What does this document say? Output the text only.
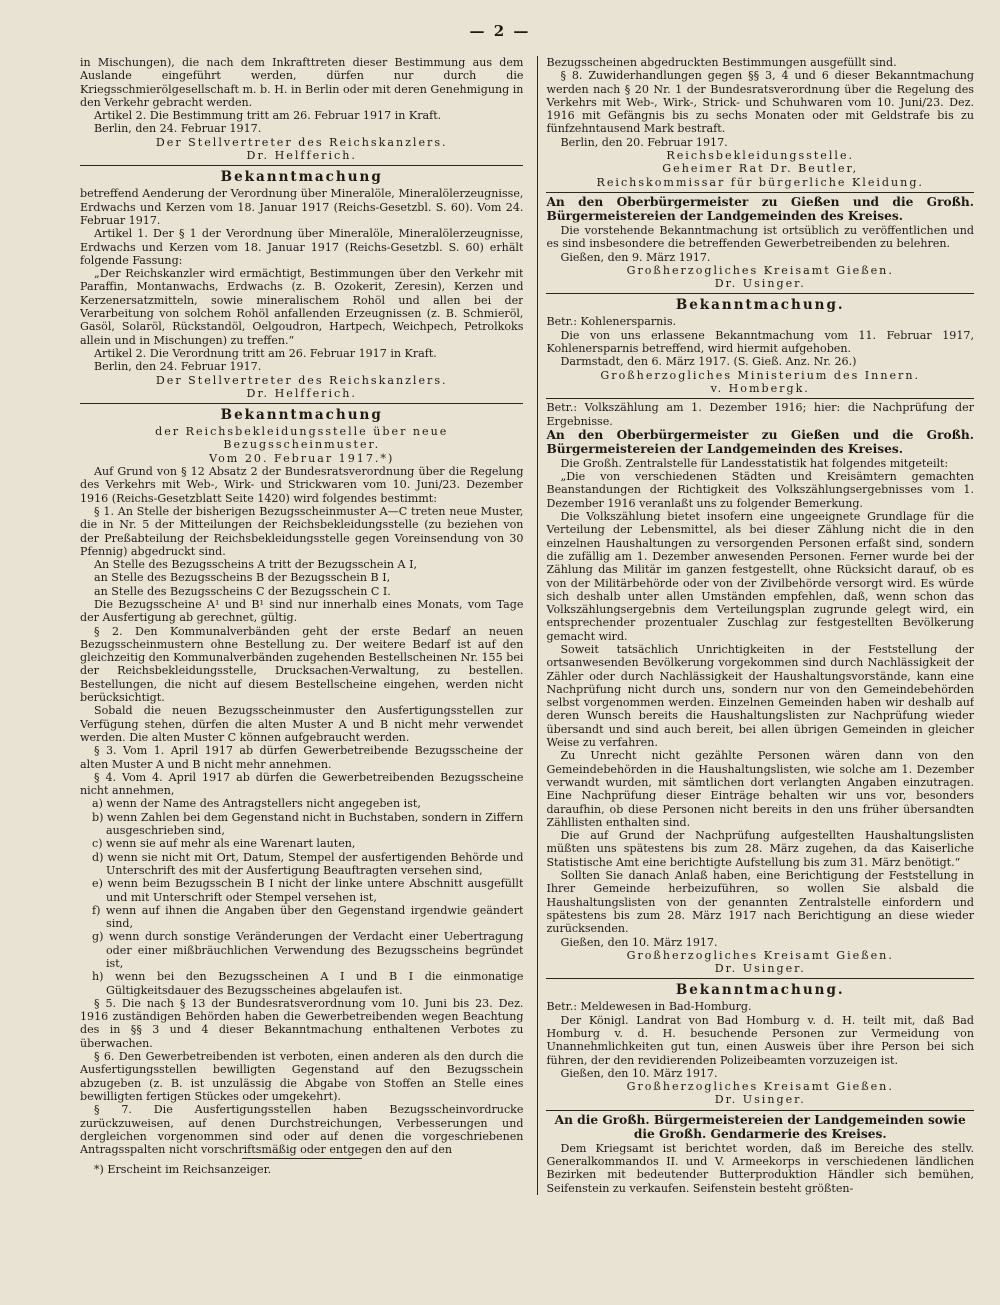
— 2 —

in Mischungen), die nach dem Inkrafttreten dieser Bestimmung aus dem Auslande eingeführt werden, dürfen nur durch die Kriegsschmierölgesellschaft m. b. H. in Berlin oder mit deren Genehmigung in den Verkehr gebracht werden.

Artikel 2. Die Bestimmung tritt am 26. Februar 1917 in Kraft.

Berlin, den 24. Februar 1917.

Der Stellvertreter des Reichskanzlers.

Dr. Helfferich.

Bekanntmachung

betreffend Aenderung der Verordnung über Mineralöle, Mineralölerzeugnisse, Erdwachs und Kerzen vom 18. Januar 1917 (Reichs-Gesetzbl. S. 60). Vom 24. Februar 1917.

Artikel 1. Der § 1 der Verordnung über Mineralöle, Mineralölerzeugnisse, Erdwachs und Kerzen vom 18. Januar 1917 (Reichs-Gesetzbl. S. 60) erhält folgende Fassung:

„Der Reichskanzler wird ermächtigt, Bestimmungen über den Verkehr mit Paraffin, Montanwachs, Erdwachs (z. B. Ozokerit, Zeresin), Kerzen und Kerzenersatzmitteln, sowie mineralischem Rohöl und allen bei der Verarbeitung von solchem Rohöl anfallenden Erzeugnissen (z. B. Schmieröl, Gasöl, Solaröl, Rückstandöl, Oelgoudron, Hartpech, Weichpech, Petrolkoks allein und in Mischungen) zu treffen.“

Artikel 2. Die Verordnung tritt am 26. Februar 1917 in Kraft.

Berlin, den 24. Februar 1917.

Der Stellvertreter des Reichskanzlers.

Dr. Helfferich.

Bekanntmachung

der Reichsbekleidungsstelle über neue Bezugsscheinmuster.

Vom 20. Februar 1917.*)

Auf Grund von § 12 Absatz 2 der Bundesratsverordnung über die Regelung des Verkehrs mit Web-, Wirk- und Strickwaren vom 10. Juni/23. Dezember 1916 (Reichs-Gesetzblatt Seite 1420) wird folgendes bestimmt:

§ 1. An Stelle der bisherigen Bezugsscheinmuster A—C treten neue Muster, die in Nr. 5 der Mitteilungen der Reichsbekleidungsstelle (zu beziehen von der Preßabteilung der Reichsbekleidungsstelle gegen Voreinsendung von 30 Pfennig) abgedruckt sind.

An Stelle des Bezugsscheins A tritt der Bezugsschein A I,

an Stelle des Bezugsscheins B der Bezugsschein B I,

an Stelle des Bezugsscheins C der Bezugsschein C I.

Die Bezugsscheine A¹ und B¹ sind nur innerhalb eines Monats, vom Tage der Ausfertigung ab gerechnet, gültig.

§ 2. Den Kommunalverbänden geht der erste Bedarf an neuen Bezugsscheinmustern ohne Bestellung zu. Der weitere Bedarf ist auf den gleichzeitig den Kommunalverbänden zugehenden Bestellscheinen Nr. 155 bei der Reichsbekleidungsstelle, Drucksachen-Verwaltung, zu bestellen. Bestellungen, die nicht auf diesem Bestellscheine eingehen, werden nicht berücksichtigt.

Sobald die neuen Bezugsscheinmuster den Ausfertigungsstellen zur Verfügung stehen, dürfen die alten Muster A und B nicht mehr verwendet werden. Die alten Muster C können aufgebraucht werden.

§ 3. Vom 1. April 1917 ab dürfen Gewerbetreibende Bezugsscheine der alten Muster A und B nicht mehr annehmen.

§ 4. Vom 4. April 1917 ab dürfen die Gewerbetreibenden Bezugsscheine nicht annehmen,

a) wenn der Name des Antragstellers nicht angegeben ist,

b) wenn Zahlen bei dem Gegenstand nicht in Buchstaben, sondern in Ziffern ausgeschrieben sind,

c) wenn sie auf mehr als eine Warenart lauten,

d) wenn sie nicht mit Ort, Datum, Stempel der ausfertigenden Behörde und Unterschrift des mit der Ausfertigung Beauftragten versehen sind,

e) wenn beim Bezugsschein B I nicht der linke untere Abschnitt ausgefüllt und mit Unterschrift oder Stempel versehen ist,

f) wenn auf ihnen die Angaben über den Gegenstand irgendwie geändert sind,

g) wenn durch sonstige Veränderungen der Verdacht einer Uebertragung oder einer mißbräuchlichen Verwendung des Bezugsscheins begründet ist,

h) wenn bei den Bezugsscheinen A I und B I die einmonatige Gültigkeitsdauer des Bezugsscheines abgelaufen ist.

§ 5. Die nach § 13 der Bundesratsverordnung vom 10. Juni bis 23. Dez. 1916 zuständigen Behörden haben die Gewerbetreibenden wegen Beachtung des in §§ 3 und 4 dieser Bekanntmachung enthaltenen Verbotes zu überwachen.

§ 6. Den Gewerbetreibenden ist verboten, einen anderen als den durch die Ausfertigungsstellen bewilligten Gegenstand auf den Bezugsschein abzugeben (z. B. ist unzulässig die Abgabe von Stoffen an Stelle eines bewilligten fertigen Stückes oder umgekehrt).

§ 7. Die Ausfertigungsstellen haben Bezugsscheinvordrucke zurückzuweisen, auf denen Durchstreichungen, Verbesserungen und dergleichen vorgenommen sind oder auf denen die vorgeschriebenen Antragsspalten nicht vorschriftsmäßig oder entgegen den auf den

*) Erscheint im Reichsanzeiger.

Bezugsscheinen abgedruckten Bestimmungen ausgefüllt sind.

§ 8. Zuwiderhandlungen gegen §§ 3, 4 und 6 dieser Bekanntmachung werden nach § 20 Nr. 1 der Bundesratsverordnung über die Regelung des Verkehrs mit Web-, Wirk-, Strick- und Schuhwaren vom 10. Juni/23. Dez. 1916 mit Gefängnis bis zu sechs Monaten oder mit Geldstrafe bis zu fünfzehntausend Mark bestraft.

Berlin, den 20. Februar 1917.

Reichsbekleidungsstelle.

Geheimer Rat Dr. Beutler,

Reichskommissar für bürgerliche Kleidung.

An den Oberbürgermeister zu Gießen und die Großh. Bürgermeistereien der Landgemeinden des Kreises.

Die vorstehende Bekanntmachung ist ortsüblich zu veröffentlichen und es sind insbesondere die betreffenden Gewerbetreibenden zu belehren.

Gießen, den 9. März 1917.

Großherzogliches Kreisamt Gießen.

Dr. Usinger.

Bekanntmachung.

Betr.: Kohlenersparnis.

Die von uns erlassene Bekanntmachung vom 11. Februar 1917, Kohlenersparnis betreffend, wird hiermit aufgehoben.

Darmstadt, den 6. März 1917. (S. Gieß. Anz. Nr. 26.)

Großherzogliches Ministerium des Innern.

v. Hombergk.

Betr.: Volkszählung am 1. Dezember 1916; hier: die Nachprüfung der Ergebnisse.

An den Oberbürgermeister zu Gießen und die Großh. Bürgermeistereien der Landgemeinden des Kreises.

Die Großh. Zentralstelle für Landesstatistik hat folgendes mitgeteilt:

„Die von verschiedenen Städten und Kreisämtern gemachten Beanstandungen der Richtigkeit des Volkszählungsergebnisses vom 1. Dezember 1916 veranlaßt uns zu folgender Bemerkung.

Die Volkszählung bietet insofern eine ungeeignete Grundlage für die Verteilung der Lebensmittel, als bei dieser Zählung nicht die in den einzelnen Haushaltungen zu versorgenden Personen erfaßt sind, sondern die zufällig am 1. Dezember anwesenden Personen. Ferner wurde bei der Zählung das Militär im ganzen festgestellt, ohne Rücksicht darauf, ob es von der Militärbehörde oder von der Zivilbehörde versorgt wird. Es würde sich deshalb unter allen Umständen empfehlen, daß, wenn schon das Volkszählungsergebnis dem Verteilungsplan zugrunde gelegt wird, ein entsprechender prozentualer Zuschlag zur festgestellten Bevölkerung gemacht wird.

Soweit tatsächlich Unrichtigkeiten in der Feststellung der ortsanwesenden Bevölkerung vorgekommen sind durch Nachlässigkeit der Zähler oder durch Nachlässigkeit der Haushaltungsvorstände, kann eine Nachprüfung nicht durch uns, sondern nur von den Gemeindebehörden selbst vorgenommen werden. Einzelnen Gemeinden haben wir deshalb auf deren Wunsch bereits die Haushaltungslisten zur Nachprüfung wieder übersandt und sind auch bereit, bei allen übrigen Gemeinden in gleicher Weise zu verfahren.

Zu Unrecht nicht gezählte Personen wären dann von den Gemeindebehörden in die Haushaltungslisten, wie solche am 1. Dezember verwandt wurden, mit sämtlichen dort verlangten Angaben einzutragen. Eine Nachprüfung dieser Einträge behalten wir uns vor, besonders daraufhin, ob diese Personen nicht bereits in den uns früher übersandten Zähllisten enthalten sind.

Die auf Grund der Nachprüfung aufgestellten Haushaltungslisten müßten uns spätestens bis zum 28. März zugehen, da das Kaiserliche Statistische Amt eine berichtigte Aufstellung bis zum 31. März benötigt.“

Sollten Sie danach Anlaß haben, eine Berichtigung der Feststellung in Ihrer Gemeinde herbeizuführen, so wollen Sie alsbald die Haushaltungslisten von der genannten Zentralstelle einfordern und spätestens bis zum 28. März 1917 nach Berichtigung an diese wieder zurücksenden.

Gießen, den 10. März 1917.

Großherzogliches Kreisamt Gießen.

Dr. Usinger.

Bekanntmachung.

Betr.: Meldewesen in Bad-Homburg.

Der Königl. Landrat von Bad Homburg v. d. H. teilt mit, daß Bad Homburg v. d. H. besuchende Personen zur Vermeidung von Unannehmlichkeiten gut tun, einen Ausweis über ihre Person bei sich führen, der den revidierenden Polizeibeamten vorzuzeigen ist.

Gießen, den 10. März 1917.

Großherzogliches Kreisamt Gießen.

Dr. Usinger.

An die Großh. Bürgermeistereien der Landgemeinden sowie die Großh. Gendarmerie des Kreises.

Dem Kriegsamt ist berichtet worden, daß im Bereiche des stellv. Generalkommandos II. und V. Armeekorps in verschiedenen ländlichen Bezirken mit bedeutender Butterproduktion Händler sich bemühen, Seifenstein zu verkaufen. Seifenstein besteht größten-
